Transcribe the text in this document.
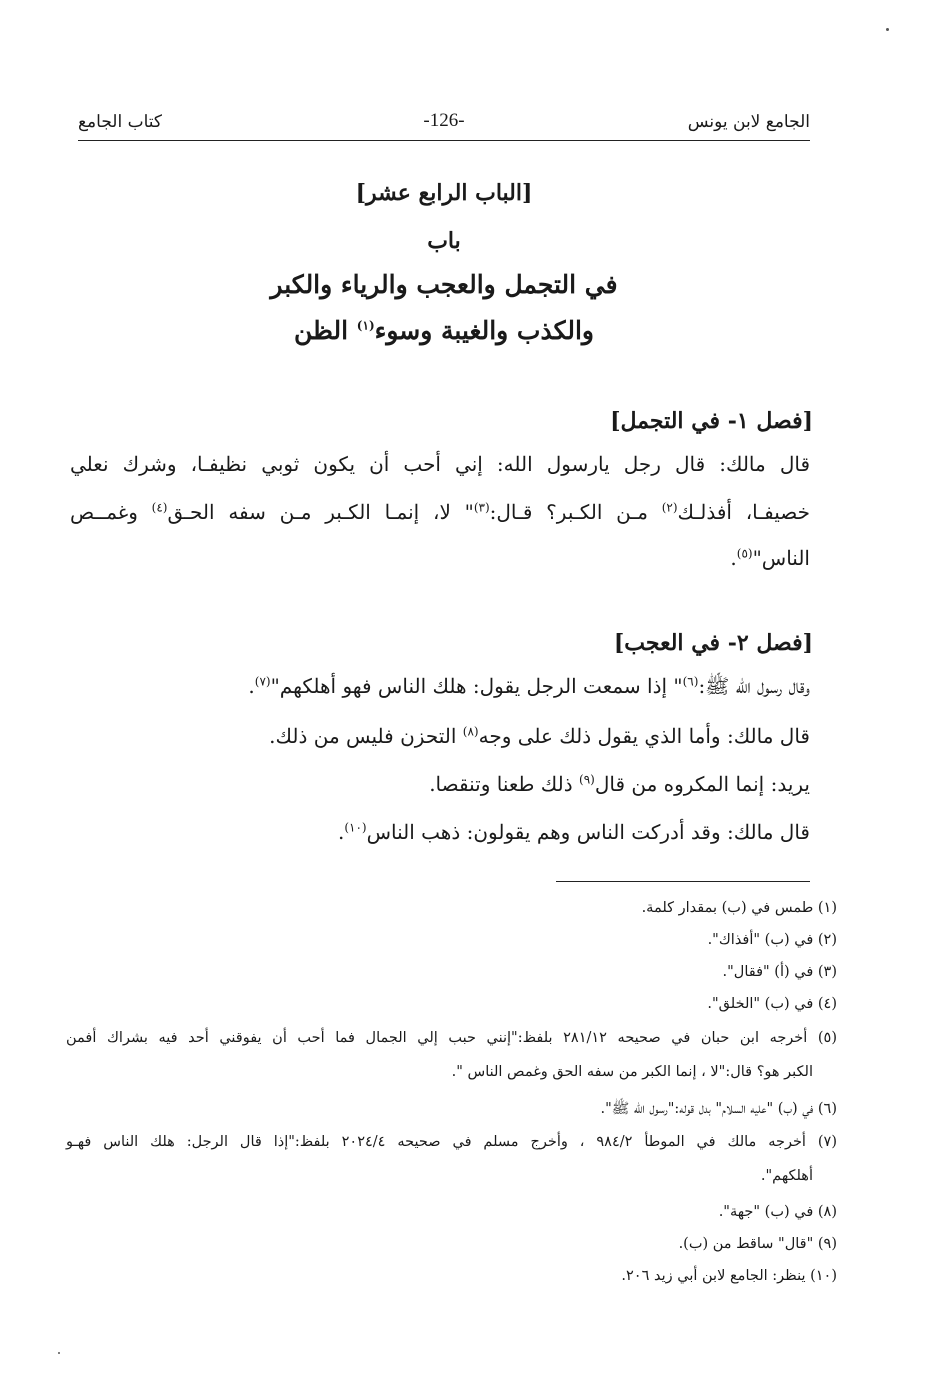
الجامع لابن يونس
-126-
كتاب الجامع
[الباب الرابع عشر]
باب
في التجمل والعجب والرياء والكبر
والكذب والغيبة وسوء$^{(١)}$ الظن
[فصل ١- في التجمل]
قال مالك: قال رجل يارسول الله: إني أحب أن يكون ثوبي نظيفـا، وشرك نعلي
خصيفـا، أفذلـك$^{(٢)}$ مـن الكـبر؟ قـال:$^{(٣)}$" لا، إنمـا الكـبر مـن سفه الحـق$^{(٤)}$ وغمــص
الناس"$^{(٥)}$.
[فصل ٢- في العجب]
وقال رسول الله ﷺ:$^{(٦)}$" إذا سمعت الرجل يقول: هلك الناس فهو أهلكهم"$^{(٧)}$.
قال مالك: وأما الذي يقول ذلك على وجه$^{(٨)}$ التحزن فليس من ذلك.
يريد: إنما المكروه من قال$^{(٩)}$ ذلك طعنا وتنقصا.
قال مالك: وقد أدركت الناس وهم يقولون: ذهب الناس$^{(١٠)}$.
(١) طمس في (ب) بمقدار كلمة.
(٢) في (ب) "أفذاك".
(٣) في (أ) "فقال".
(٤) في (ب) "الخلق".
(٥) أخرجه ابن حبان في صحيحه ٢٨١/١٢ بلفظ:"إنني حبب إلي الجمال فما أحب أن يفوقني أحد فيه بشراك أفمن
الكبر هو؟ قال:"لا ، إنما الكبر من سفه الحق وغمص الناس ".
(٦) في (ب) "عليه السلام" بدل قوله:"رسول الله ﷺ".
(٧) أخرجه مالك في الموطأ ٩٨٤/٢ ، وأخرج مسلم في صحيحه ٢٠٢٤/٤ بلفظ:"إذا قال الرجل: هلك الناس فهـو
أهلكهم".
(٨) في (ب) "جهة".
(٩) "قال" ساقط من (ب).
(١٠) ينظر: الجامع لابن أبي زيد ٢٠٦.
